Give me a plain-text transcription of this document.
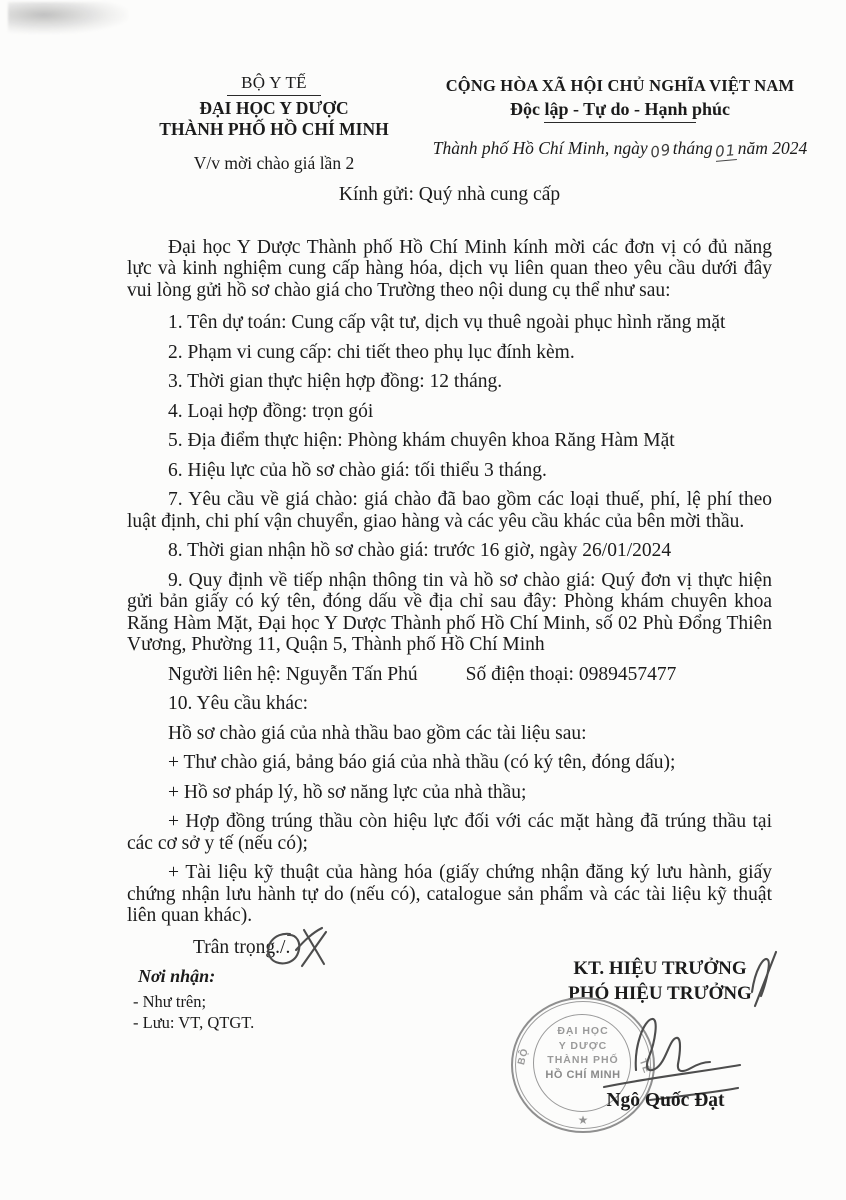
BỘ Y TẾ
ĐẠI HỌC Y DƯỢC
THÀNH PHỐ HỒ CHÍ MINH
V/v mời chào giá lần 2
CỘNG HÒA XÃ HỘI CHỦ NGHĨA VIỆT NAM
Độc lập - Tự do - Hạnh phúc
Thành phố Hồ Chí Minh, ngày09tháng01năm 2024
Kính gửi: Quý nhà cung cấp
Đại học Y Dược Thành phố Hồ Chí Minh kính mời các đơn vị có đủ năng lực và kinh nghiệm cung cấp hàng hóa, dịch vụ liên quan theo yêu cầu dưới đây vui lòng gửi hồ sơ chào giá cho Trường theo nội dung cụ thể như sau:
1. Tên dự toán: Cung cấp vật tư, dịch vụ thuê ngoài phục hình răng mặt
2. Phạm vi cung cấp: chi tiết theo phụ lục đính kèm.
3. Thời gian thực hiện hợp đồng: 12 tháng.
4. Loại hợp đồng: trọn gói
5. Địa điểm thực hiện: Phòng khám chuyên khoa Răng Hàm Mặt
6. Hiệu lực của hồ sơ chào giá: tối thiểu 3 tháng.
7. Yêu cầu về giá chào: giá chào đã bao gồm các loại thuế, phí, lệ phí theo luật định, chi phí vận chuyển, giao hàng và các yêu cầu khác của bên mời thầu.
8. Thời gian nhận hồ sơ chào giá: trước 16 giờ, ngày 26/01/2024
9. Quy định về tiếp nhận thông tin và hồ sơ chào giá: Quý đơn vị thực hiện gửi bản giấy có ký tên, đóng dấu về địa chỉ sau đây: Phòng khám chuyên khoa Răng Hàm Mặt, Đại học Y Dược Thành phố Hồ Chí Minh, số 02 Phù Đổng Thiên Vương, Phường 11, Quận 5, Thành phố Hồ Chí Minh
Người liên hệ: Nguyễn Tấn Phú Số điện thoại: 0989457477
10. Yêu cầu khác:
Hồ sơ chào giá của nhà thầu bao gồm các tài liệu sau:
+ Thư chào giá, bảng báo giá của nhà thầu (có ký tên, đóng dấu);
+ Hồ sơ pháp lý, hồ sơ năng lực của nhà thầu;
+ Hợp đồng trúng thầu còn hiệu lực đối với các mặt hàng đã trúng thầu tại các cơ sở y tế (nếu có);
+ Tài liệu kỹ thuật của hàng hóa (giấy chứng nhận đăng ký lưu hành, giấy chứng nhận lưu hành tự do (nếu có), catalogue sản phẩm và các tài liệu kỹ thuật liên quan khác).
Trân trọng./.
Nơi nhận:
- Như trên;
- Lưu: VT, QTGT.
KT. HIỆU TRƯỞNG
PHÓ HIỆU TRƯỞNG
BỘ
TẾ
ĐẠI HỌC
Y DƯỢC
THÀNH PHỐ
HỒ CHÍ MINH
★
Ngô Quốc Đạt
